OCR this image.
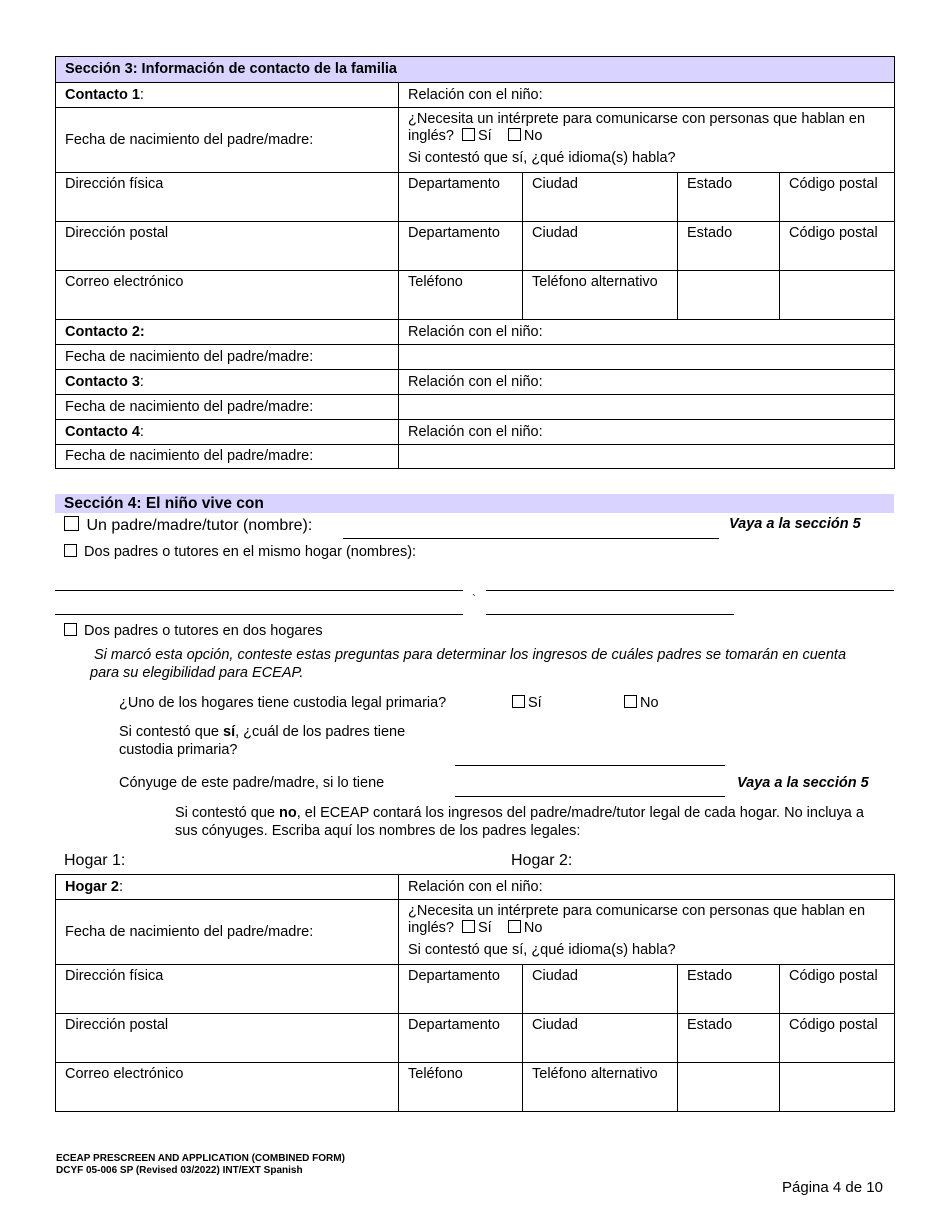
Sección 3: Información de contacto de la familia				
Contacto 1:	Relación con el niño:			
Fecha de nacimiento del padre/madre:	¿Necesita un intérprete para comunicarse con personas que hablan en inglés? Sí No
Si contestó que sí, ¿qué idioma(s) habla?			

Dirección física	Departamento	Ciudad	Estado	Código postal
Dirección postal	Departamento	Ciudad	Estado	Código postal
Correo electrónico	Teléfono	Teléfono alternativo		
Contacto 2:	Relación con el niño:			
Fecha de nacimiento del padre/madre:				
Contacto 3:	Relación con el niño:			
Fecha de nacimiento del padre/madre:				
Contacto 4:	Relación con el niño:			
Fecha de nacimiento del padre/madre:				
Sección 4: El niño vive con
Un padre/madre/tutor (nombre):	Vaya a la sección 5
Dos padres o tutores en el mismo hogar (nombres):
`
Dos padres o tutores en dos hogares
Si marcó esta opción, conteste estas preguntas para determinar los ingresos de cuáles padres se tomarán en cuenta para su elegibilidad para ECEAP.
¿Uno de los hogares tiene custodia legal primaria?	Sí	No
Si contestó que sí, ¿cuál de los padres tiene custodia primaria?
Cónyuge de este padre/madre, si lo tiene	Vaya a la sección 5
Si contestó que no, el ECEAP contará los ingresos del padre/madre/tutor legal de cada hogar. No incluya a sus cónyuges. Escriba aquí los nombres de los padres legales:
Hogar 1:	Hogar 2:
Hogar 2:	Relación con el niño:			
Fecha de nacimiento del padre/madre:	¿Necesita un intérprete para comunicarse con personas que hablan en inglés? Sí No
Si contestó que sí, ¿qué idioma(s) habla?			

Dirección física	Departamento	Ciudad	Estado	Código postal
Dirección postal	Departamento	Ciudad	Estado	Código postal
Correo electrónico	Teléfono	Teléfono alternativo		
ECEAP PRESCREEN AND APPLICATION (COMBINED FORM)
DCYF 05-006 SP (Revised 03/2022) INT/EXT Spanish
Página 4 de 10
